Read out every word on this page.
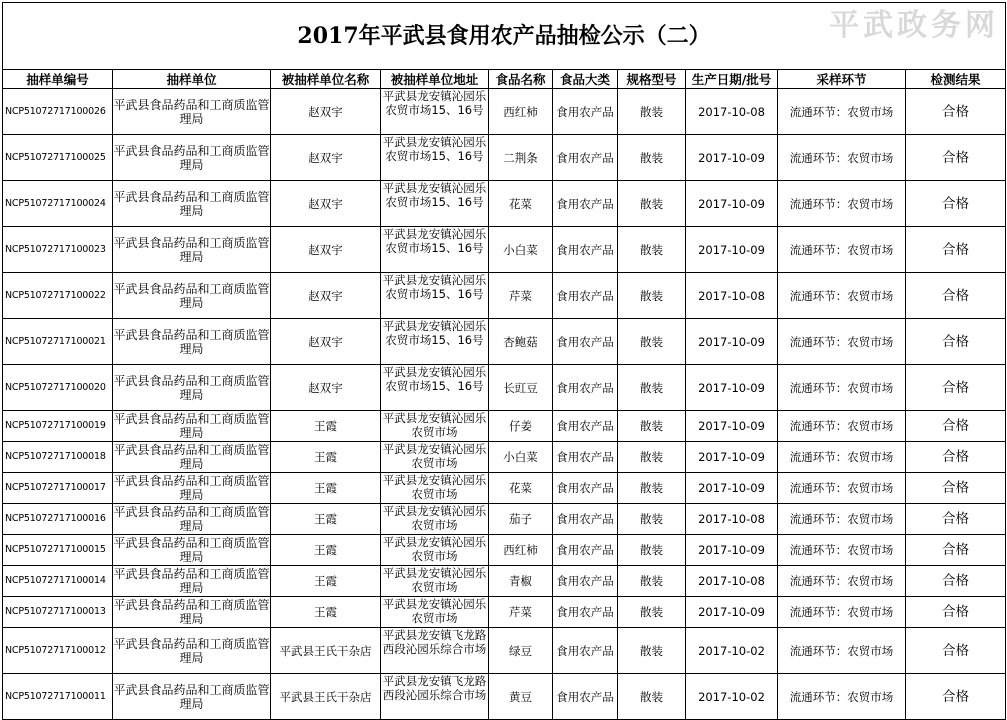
平武政务网
2017年平武县食用农产品抽检公示（二）									
抽样单编号	抽样单位	被抽样单位名称	被抽样单位地址	食品名称	食品大类	规格型号	生产日期/批号	采样环节	检测结果
NCP51072717100026	平武县食品药品和工商质监管理局	赵双宇	平武县龙安镇沁园乐农贸市场15、16号	西红柿	食用农产品	散装	2017-10-08	流通环节：农贸市场	合格
NCP51072717100025	平武县食品药品和工商质监管理局	赵双宇	平武县龙安镇沁园乐农贸市场15、16号	二荆条	食用农产品	散装	2017-10-09	流通环节：农贸市场	合格
NCP51072717100024	平武县食品药品和工商质监管理局	赵双宇	平武县龙安镇沁园乐农贸市场15、16号	花菜	食用农产品	散装	2017-10-09	流通环节：农贸市场	合格
NCP51072717100023	平武县食品药品和工商质监管理局	赵双宇	平武县龙安镇沁园乐农贸市场15、16号	小白菜	食用农产品	散装	2017-10-09	流通环节：农贸市场	合格
NCP51072717100022	平武县食品药品和工商质监管理局	赵双宇	平武县龙安镇沁园乐农贸市场15、16号	芹菜	食用农产品	散装	2017-10-08	流通环节：农贸市场	合格
NCP51072717100021	平武县食品药品和工商质监管理局	赵双宇	平武县龙安镇沁园乐农贸市场15、16号	杏鲍菇	食用农产品	散装	2017-10-09	流通环节：农贸市场	合格
NCP51072717100020	平武县食品药品和工商质监管理局	赵双宇	平武县龙安镇沁园乐农贸市场15、16号	长豇豆	食用农产品	散装	2017-10-09	流通环节：农贸市场	合格
NCP51072717100019	平武县食品药品和工商质监管理局	王霞	平武县龙安镇沁园乐农贸市场	仔姜	食用农产品	散装	2017-10-09	流通环节：农贸市场	合格
NCP51072717100018	平武县食品药品和工商质监管理局	王霞	平武县龙安镇沁园乐农贸市场	小白菜	食用农产品	散装	2017-10-09	流通环节：农贸市场	合格
NCP51072717100017	平武县食品药品和工商质监管理局	王霞	平武县龙安镇沁园乐农贸市场	花菜	食用农产品	散装	2017-10-09	流通环节：农贸市场	合格
NCP51072717100016	平武县食品药品和工商质监管理局	王霞	平武县龙安镇沁园乐农贸市场	茄子	食用农产品	散装	2017-10-08	流通环节：农贸市场	合格
NCP51072717100015	平武县食品药品和工商质监管理局	王霞	平武县龙安镇沁园乐农贸市场	西红柿	食用农产品	散装	2017-10-09	流通环节：农贸市场	合格
NCP51072717100014	平武县食品药品和工商质监管理局	王霞	平武县龙安镇沁园乐农贸市场	青椒	食用农产品	散装	2017-10-08	流通环节：农贸市场	合格
NCP51072717100013	平武县食品药品和工商质监管理局	王霞	平武县龙安镇沁园乐农贸市场	芹菜	食用农产品	散装	2017-10-09	流通环节：农贸市场	合格
NCP51072717100012	平武县食品药品和工商质监管理局	平武县王氏干杂店	平武县龙安镇飞龙路西段沁园乐综合市场	绿豆	食用农产品	散装	2017-10-02	流通环节：农贸市场	合格
NCP51072717100011	平武县食品药品和工商质监管理局	平武县王氏干杂店	平武县龙安镇飞龙路西段沁园乐综合市场	黄豆	食用农产品	散装	2017-10-02	流通环节：农贸市场	合格
